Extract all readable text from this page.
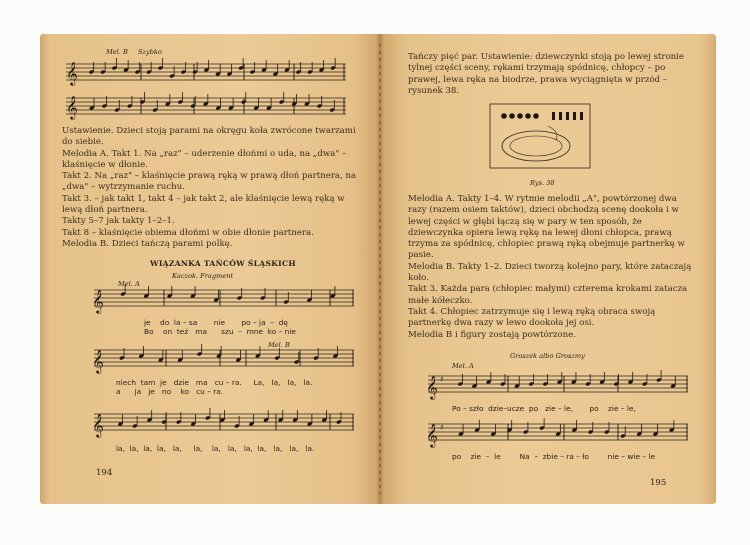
Mel. B Szybko
𝄞
𝄞

Ustawienie. Dzieci stoją parami na okręgu koła zwrócone twarzami do siebie.

Melodia A. Takt 1. Na „raz" – uderzenie dłońmi o uda, na „dwa" – klaśnięcie w dłonie.

Takt 2. Na „raz" – klaśnięcie prawą ręką w prawą dłoń partnera, na „dwa" – wytrzymanie ruchu.

Takt 3. – jak takt 1, takt 4 – jak takt 2, ale klaśnięcie lewą ręką w lewą dłoń partnera.

Takty 5–7 jak takty 1–2–1.

Takt 8 – klaśnięcie obiema dłońmi w obie dłonie partnera.

Melodia B. Dzieci tańczą parami polkę.

WIĄZANKA TAŃCÓW ŚLĄSKICH
Kaczok. Fragment
𝄞
Mel. A
je    do  la – sa       nie       po – ja  –  dę
Bo    on  też   ma      szu  –  mne  ko – nie
𝄞
Mel. B
niech  tam  je   dzie   ma   cu – ra.     La,   la,   la,   la.
a      ja   je   no    ko   cu – ra.
𝄞
la,  la,  la,  la,   la,     la,    la,   la,   la,  la,   la,   la,   la.
194

Tańczy pięć par. Ustawienie: dziewczynki stoją po lewej stronie tylnej części sceny, rękami trzymają spódnicę, chłopcy – po prawej, lewa ręka na biodrze, prawa wyciągnięta w przód – rysunek 38.

Rys. 38

Melodia A. Takty 1–4. W rytmie melodii „A", powtórzonej dwa razy (razem osiem taktów), dzieci obchodzą scenę dookoła i w lewej części w głębi łączą się w pary w ten sposób, że dziewczynka opiera lewą rękę na lewej dłoni chłopca, prawą trzyma za spódnicę, chłopiec prawą ręką obejmuje partnerkę w pasie.

Melodia B. Takty 1–2. Dzieci tworzą kolejno pary, które zataczają koło.

Takt 3. Każda para (chłopiec małymi) czterema krokami zatacza małe kółeczko.

Takt 4. Chłopiec zatrzymuje się i lewą ręką obraca swoją partnerkę dwa razy w lewo dookoła jej osi.

Melodia B i figury zostają powtórzone.

Groszek albo Groszmy
Mel. A
𝄞 ♯
Po – szło  dzie–ucze  po   zie – le,       po    zie – le,
𝄞 ♯
po    zie  –  le        Na  –  zbie – ra – ło        nie – wie – le
195
